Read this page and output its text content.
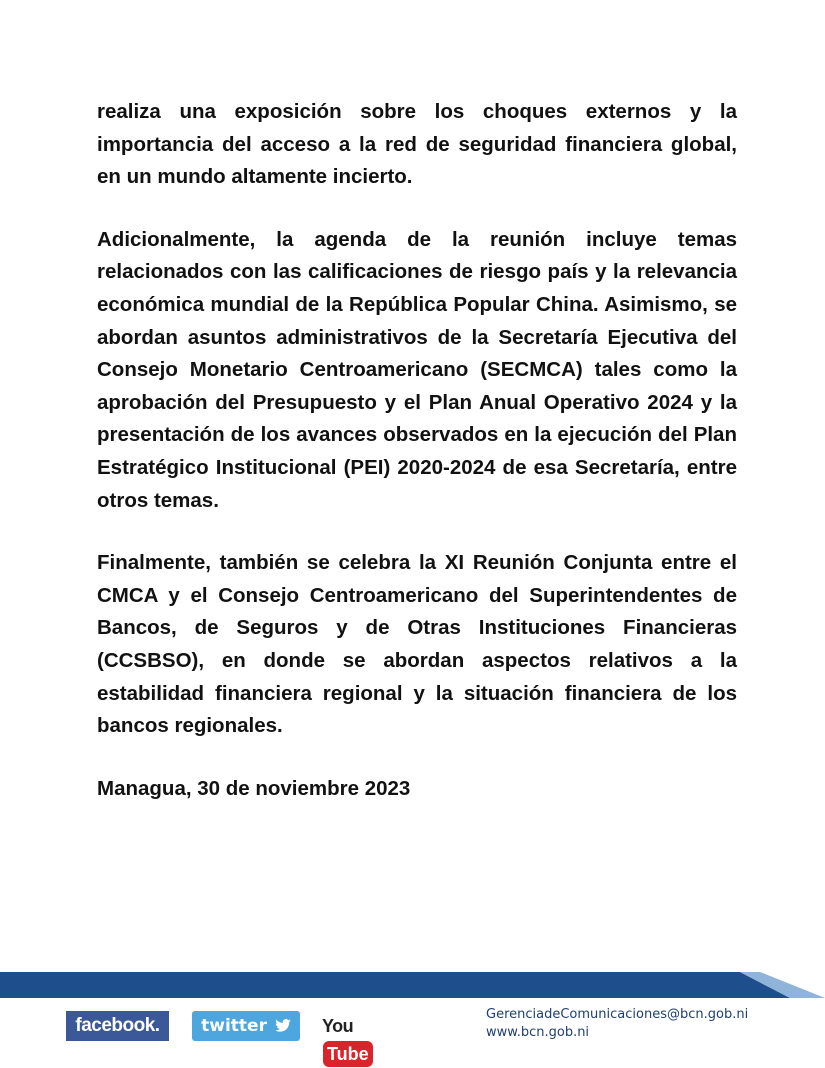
realiza una exposición sobre los choques externos y la importancia del acceso a la red de seguridad financiera global, en un mundo altamente incierto.

Adicionalmente, la agenda de la reunión incluye temas relacionados con las calificaciones de riesgo país y la relevancia económica mundial de la República Popular China. Asimismo, se abordan asuntos administrativos de la Secretaría Ejecutiva del Consejo Monetario Centroamericano (SECMCA) tales como la aprobación del Presupuesto y el Plan Anual Operativo 2024 y la presentación de los avances observados en la ejecución del Plan Estratégico Institucional (PEI) 2020-2024 de esa Secretaría, entre otros temas.

Finalmente, también se celebra la XI Reunión Conjunta entre el CMCA y el Consejo Centroamericano del Superintendentes de Bancos, de Seguros y de Otras Instituciones Financieras (CCSBSO), en donde se abordan aspectos relativos a la estabilidad financiera regional y la situación financiera de los bancos regionales.

Managua, 30 de noviembre 2023

facebook.	twitter	YouTube
GerenciadeComunicaciones@bcn.gob.ni
www.bcn.gob.ni
